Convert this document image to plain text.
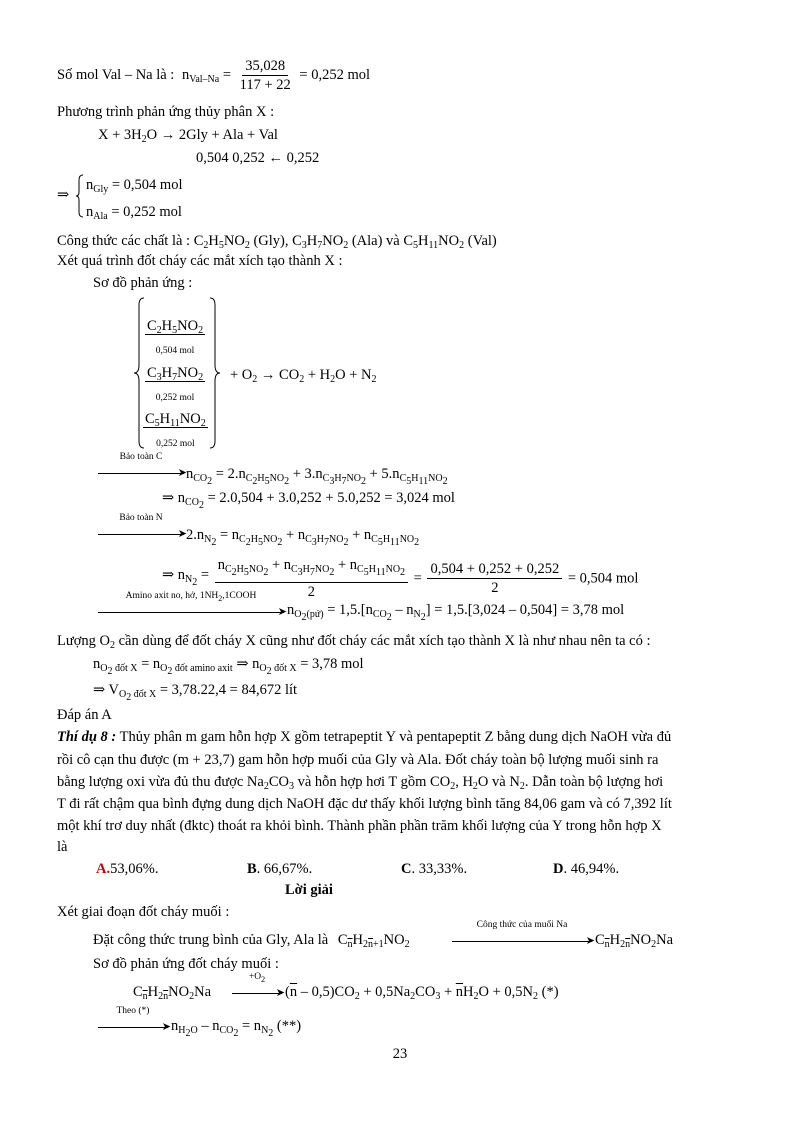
Số mol Val – Na là : $n_{Val-Na} = \frac{35,028}{117 + 22} = 0,252$ mol
Phương trình phản ứng thủy phân X :
$X + 3H_2O \to 2Gly$ + Ala + Val
0,504 0,252 ← 0,252
⇒
$n_{Gly} = 0,504$ mol
$n_{Ala} = 0,252$ mol
Công thức các chất là : $C_2H_5NO_2$ (Gly), $C_3H_7NO_2$ (Ala) và $C_5H_{11}NO_2$ (Val)
Xét quá trình đốt cháy các mắt xích tạo thành X :
Sơ đồ phản ứng :
$C_2H_5NO_2$
0,504 mol
$C_3H_7NO_2$
0,252 mol
$C_5H_{11}NO_2$
0,252 mol
+ $O_2 \to CO_2 + H_2O + N_2$
Bảo toàn C
➤ $n_{CO_2} = 2.n_{C_2H_5NO_2} + 3.n_{C_3H_7NO_2} + 5.n_{C_5H_{11}NO_2}$
⇒ $n_{CO_2} = 2.0,504 + 3.0,252 + 5.0,252 = 3,024$ mol
Bảo toàn N
➤ $2.n_{N_2} = n_{C_2H_5NO_2} + n_{C_3H_7NO_2} + n_{C_5H_{11}NO_2}$
⇒ $n_{N_2} = \frac{n_{C_2H_5NO_2} + n_{C_3H_7NO_2} + n_{C_5H_{11}NO_2}}{2} = \frac{0,504 + 0,252 + 0,252}{2} = 0,504$ mol
Amino axit no, hở, $1NH_2,1COOH$
➤ $n_{O_2(pứ)} = 1,5.[n_{CO_2} - n_{N_2}] = 1,5.[3,024 - 0,504] = 3,78$ mol
Lượng $O_2$ cần dùng để đốt cháy X cũng như đốt cháy các mắt xích tạo thành X là như nhau nên ta có :
$n_{O_2 đốt X} = n_{O_2 đốt amino axit}$ ⇒ $n_{O_2 đốt X} = 3,78$ mol
⇒ $V_{O_2 đốt X} = 3,78.22,4 = 84,672$ lít
Đáp án A
Thí dụ 8 : Thủy phân m gam hỗn hợp X gồm tetrapeptit Y và pentapeptit Z bằng dung dịch NaOH vừa đủ
rồi cô cạn thu được (m + 23,7) gam hỗn hợp muối của Gly và Ala. Đốt cháy toàn bộ lượng muối sinh ra
bằng lượng oxi vừa đủ thu được $Na_2CO_3$ và hỗn hợp hơi T gồm $CO_2$, $H_2O$ và $N_2$. Dẫn toàn bộ lượng hơi
T đi rất chậm qua bình đựng dung dịch NaOH đặc dư thấy khối lượng bình tăng 84,06 gam và có 7,392 lít
một khí trơ duy nhất (đktc) thoát ra khỏi bình. Thành phần phần trăm khối lượng của Y trong hỗn hợp X
là
A.53,06%.	B. 66,67%.	C. 33,33%.	D. 46,94%.
Lời giải
Xét giai đoạn đốt cháy muối :
Đặt công thức trung bình của Gly, Ala là $C_{\overline{n}}H_{2\overline{n}+1}NO_2$
Công thức của muối Na
➤ $C_{\overline{n}}H_{2\overline{n}}NO_2Na$
Sơ đồ phản ứng đốt cháy muối :
$C_{\overline{n}}H_{2\overline{n}}NO_2Na$
$+O_2$
➤ $(\overline{n} - 0,5)CO_2 + 0,5Na_2CO_3 + \overline{n}H_2O + 0,5N_2$ (*)
Theo (*)
➤ $n_{H_2O} - n_{CO_2} = n_{N_2}$ (**)
23
